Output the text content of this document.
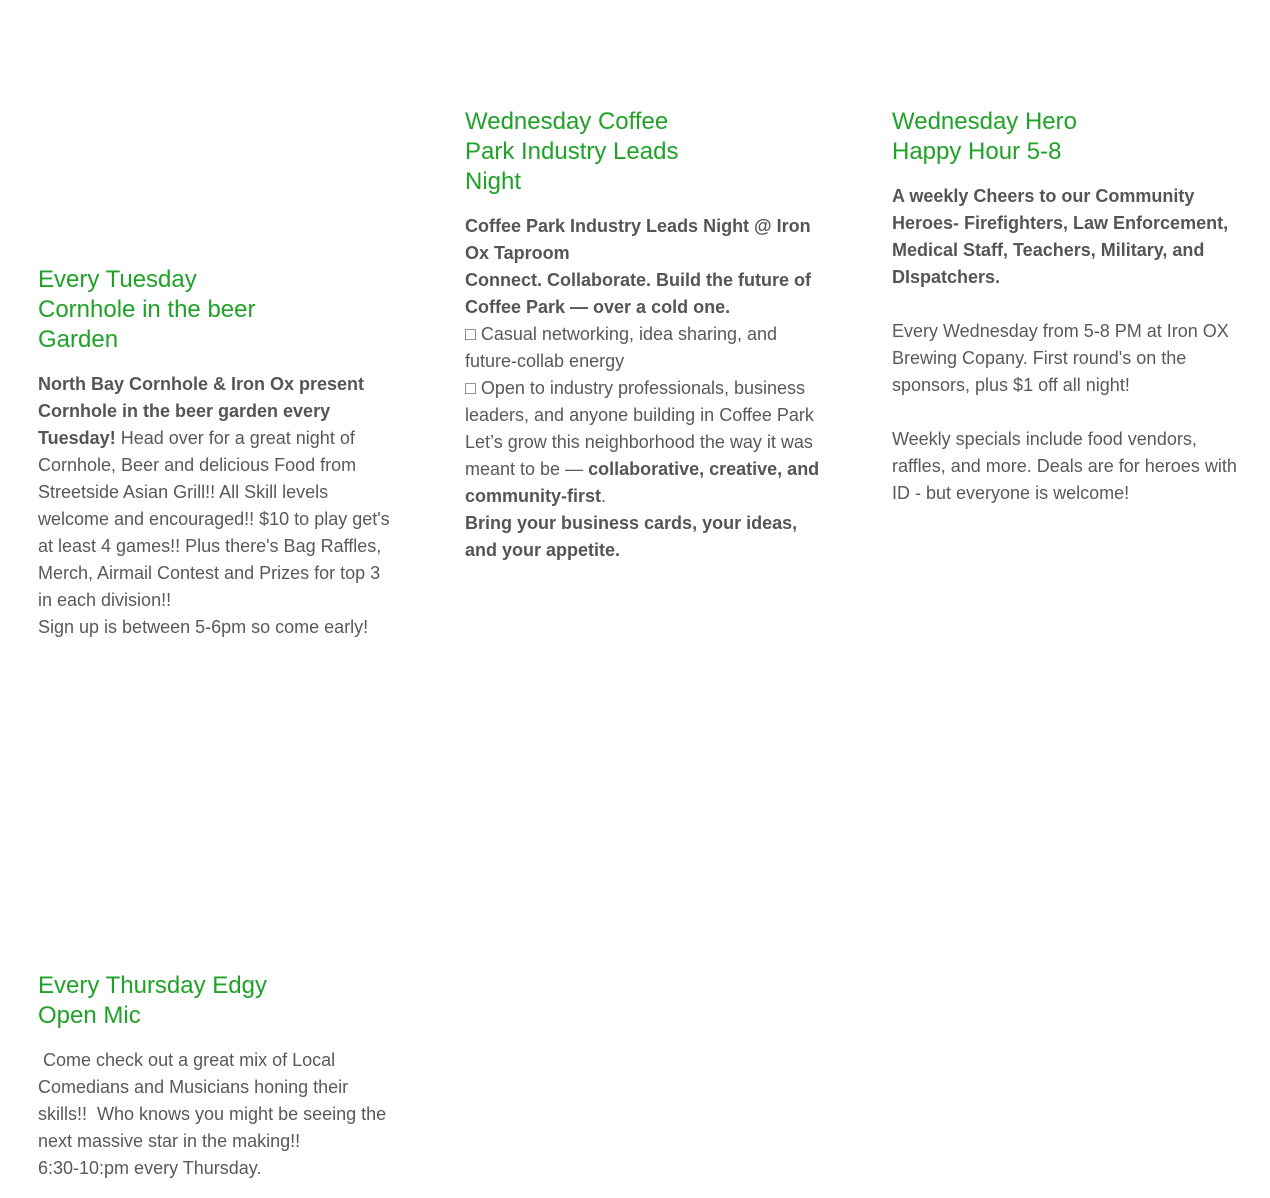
Every Tuesday Cornhole in the beer Garden

North Bay Cornhole & Iron Ox present Cornhole in the beer garden every Tuesday! Head over for a great night of Cornhole, Beer and delicious Food from Streetside Asian Grill!! All Skill levels welcome and encouraged!! $10 to play get's at least 4 games!! Plus there's Bag Raffles, Merch, Airmail Contest and Prizes for top 3 in each division!!

Sign up is between 5-6pm so come early!

Wednesday Coffee Park Industry Leads Night

Coffee Park Industry Leads Night @ Iron Ox Taproom

Connect. Collaborate. Build the future of Coffee Park — over a cold one.

□ Casual networking, idea sharing, and future-collab energy

□ Open to industry professionals, business leaders, and anyone building in Coffee Park

Let’s grow this neighborhood the way it was meant to be — collaborative, creative, and community-first.

Bring your business cards, your ideas, and your appetite.

Wednesday Hero Happy Hour 5-8

A weekly Cheers to our Community Heroes- Firefighters, Law Enforcement, Medical Staff, Teachers, Military, and DIspatchers.

Every Wednesday from 5-8 PM at Iron OX Brewing Copany. First round's on the sponsors, plus $1 off all night!

Weekly specials include food vendors, raffles, and more. Deals are for heroes with ID - but everyone is welcome!

Every Thursday Edgy Open Mic

Come check out a great mix of Local Comedians and Musicians honing their skills!!  Who knows you might be seeing the next massive star in the making!!

6:30-10:pm every Thursday.
